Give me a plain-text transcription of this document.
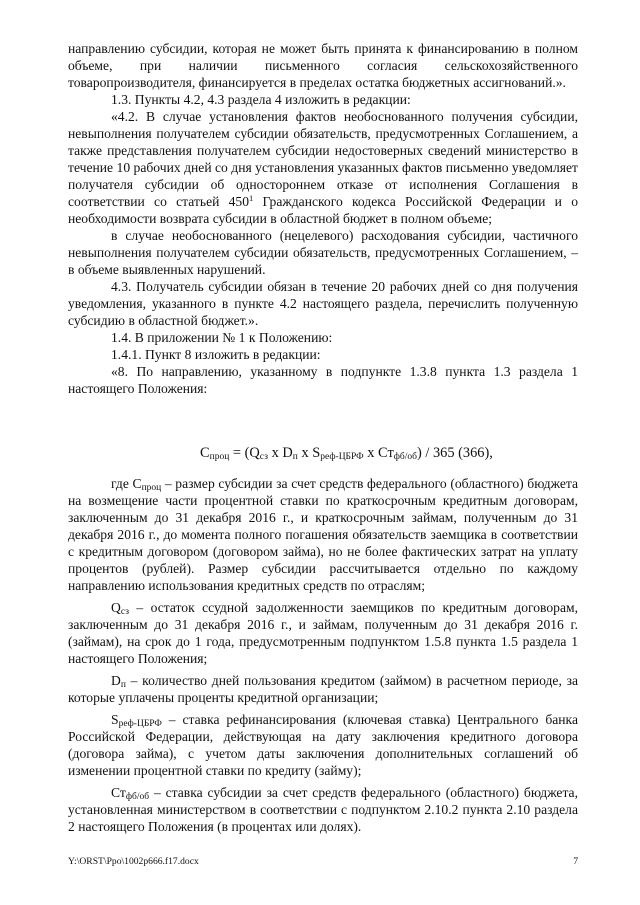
направлению субсидии, которая не может быть принята к финансированию в полном объеме, при наличии письменного согласия сельскохозяйственного товаропроизводителя, финансируется в пределах остатка бюджетных ассигнований.».

1.3. Пункты 4.2, 4.3 раздела 4 изложить в редакции:

«4.2. В случае установления фактов необоснованного получения субсидии, невыполнения получателем субсидии обязательств, предусмотренных Соглашением, а также представления получателем субсидии недостоверных сведений министерство в течение 10 рабочих дней со дня установления указанных фактов письменно уведомляет получателя субсидии об одностороннем отказе от исполнения Соглашения в соответствии со статьей $450^1$ Гражданского кодекса Российской Федерации и о необходимости возврата субсидии в областной бюджет в полном объеме;

в случае необоснованного (нецелевого) расходования субсидии, частичного невыполнения получателем субсидии обязательств, предусмотренных Соглашением, – в объеме выявленных нарушений.

4.3. Получатель субсидии обязан в течение 20 рабочих дней со дня получения уведомления, указанного в пункте 4.2 настоящего раздела, перечислить полученную субсидию в областной бюджет.».

1.4. В приложении № 1 к Положению:

1.4.1. Пункт 8 изложить в редакции:

«8. По направлению, указанному в подпункте 1.3.8 пункта 1.3 раздела 1 настоящего Положения:

$С_{проц} = (Q_{сз}$ х $D_п$ х $S_{реф-ЦБРФ}$ х $Ст_{фб/об}) / 365$ (366),

где $С_{проц}$ – размер субсидии за счет средств федерального (областного) бюджета на возмещение части процентной ставки по краткосрочным кредитным договорам, заключенным до 31 декабря 2016 г., и краткосрочным займам, полученным до 31 декабря 2016 г., до момента полного погашения обязательств заемщика в соответствии с кредитным договором (договором займа), но не более фактических затрат на уплату процентов (рублей). Размер субсидии рассчитывается отдельно по каждому направлению использования кредитных средств по отраслям;

$Q_{сз}$ – остаток ссудной задолженности заемщиков по кредитным договорам, заключенным до 31 декабря 2016 г., и займам, полученным до 31 декабря 2016 г. (займам), на срок до 1 года, предусмотренным подпунктом 1.5.8 пункта 1.5 раздела 1 настоящего Положения;

$D_п$ – количество дней пользования кредитом (займом) в расчетном периоде, за которые уплачены проценты кредитной организации;

$S_{реф-ЦБРФ}$ – ставка рефинансирования (ключевая ставка) Центрального банка Российской Федерации, действующая на дату заключения кредитного договора (договора займа), с учетом даты заключения дополнительных соглашений об изменении процентной ставки по кредиту (займу);

$Ст_{фб/об}$ – ставка субсидии за счет средств федерального (областного) бюджета, установленная министерством в соответствии с подпунктом 2.10.2 пункта 2.10 раздела 2 настоящего Положения (в процентах или долях).

Y:\ORST\Ppo\1002p666.f17.docx	7
